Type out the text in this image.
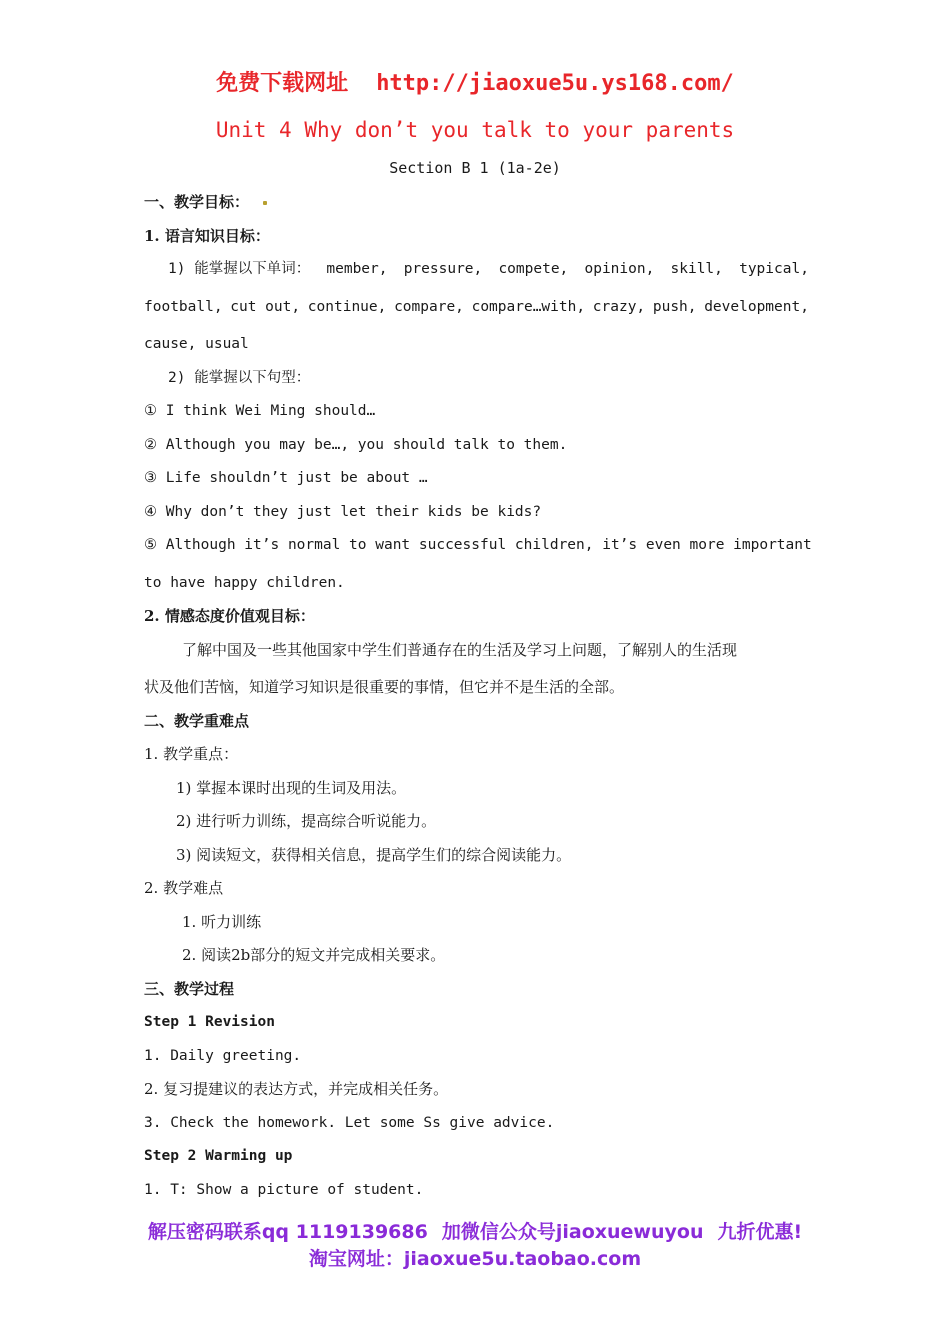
免费下载网址 http://jiaoxue5u.ys168.com/
Unit 4 Why don’t you talk to your parents
Section B 1 (1a-2e)
一、教学目标：
1. 语言知识目标：
1) 能掌握以下单词： member, pressure, compete, opinion, skill, typical,
football, cut out, continue, compare, compare…with, crazy, push, development,
cause, usual
2) 能掌握以下句型：
① I think Wei Ming should…
② Although you may be…, you should talk to them.
③ Life shouldn’t just be about …
④ Why don’t they just let their kids be kids?
⑤ Although it’s normal to want successful children, it’s even more important
to have happy children.
2. 情感态度价值观目标：
了解中国及一些其他国家中学生们普通存在的生活及学习上问题，了解别人的生活现
状及他们苦恼，知道学习知识是很重要的事情，但它并不是生活的全部。
二、教学重难点
1. 教学重点：
1) 掌握本课时出现的生词及用法。
2) 进行听力训练，提高综合听说能力。
3) 阅读短文，获得相关信息，提高学生们的综合阅读能力。
2. 教学难点
1. 听力训练
2. 阅读2b部分的短文并完成相关要求。
三、教学过程
Step 1 Revision
1. Daily greeting.
2. 复习提建议的表达方式，并完成相关任务。
3. Check the homework. Let some Ss give advice.
Step 2 Warming up
1. T: Show a picture of student.
解压密码联系qq 1119139686 加微信公众号jiaoxuewuyou 九折优惠!
淘宝网址：jiaoxue5u.taobao.com
